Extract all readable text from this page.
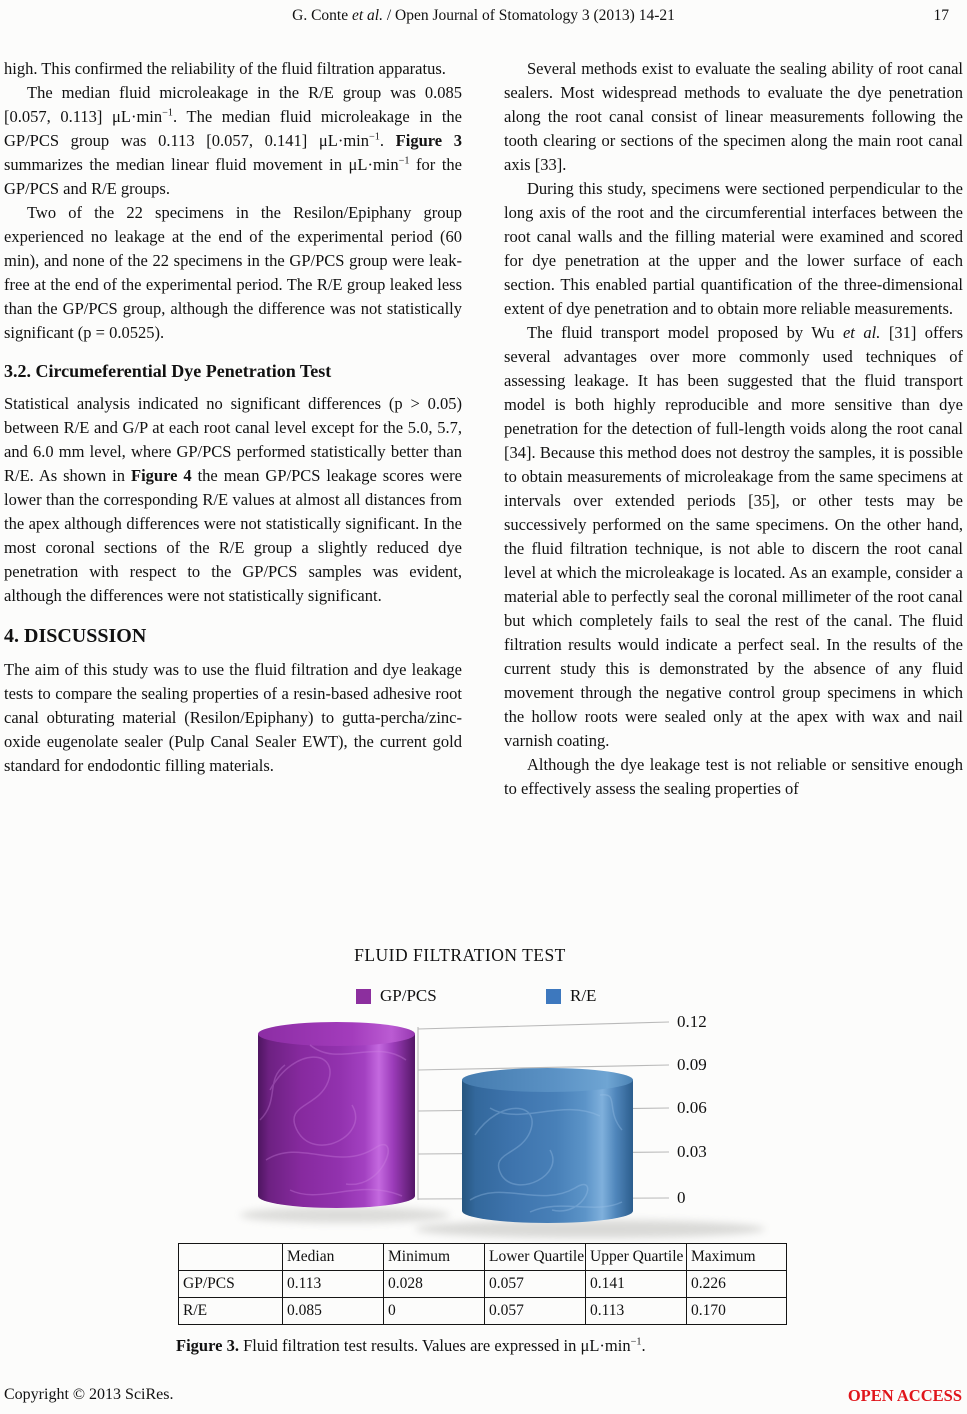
G. Conte et al. / Open Journal of Stomatology 3 (2013) 14-21	17

high. This confirmed the reliability of the fluid filtration apparatus.

The median fluid microleakage in the R/E group was 0.085 [0.057, 0.113] $\mu L\cdot\min^{-1}$. The median fluid microleakage in the GP/PCS group was 0.113 [0.057, 0.141] $\mu L\cdot\min^{-1}$. Figure 3 summarizes the median linear fluid movement in $\mu L\cdot\min^{-1}$ for the GP/PCS and R/E groups.

Two of the 22 specimens in the Resilon/Epiphany group experienced no leakage at the end of the experimental period (60 min), and none of the 22 specimens in the GP/PCS group were leak-free at the end of the experimental period. The R/E group leaked less than the GP/PCS group, although the difference was not statistically significant (p = 0.0525).

3.2. Circumeferential Dye Penetration Test

Statistical analysis indicated no significant differences (p > 0.05) between R/E and G/P at each root canal level except for the 5.0, 5.7, and 6.0 mm level, where GP/PCS performed statistically better than R/E. As shown in Figure 4 the mean GP/PCS leakage scores were lower than the corresponding R/E values at almost all distances from the apex although differences were not statistically significant. In the most coronal sections of the R/E group a slightly reduced dye penetration with respect to the GP/PCS samples was evident, although the differences were not statistically significant.

4. DISCUSSION

The aim of this study was to use the fluid filtration and dye leakage tests to compare the sealing properties of a resin-based adhesive root canal obturating material (Resilon/Epiphany) to gutta-percha/zinc-oxide eugenolate sealer (Pulp Canal Sealer EWT), the current gold standard for endodontic filling materials.

Several methods exist to evaluate the sealing ability of root canal sealers. Most widespread methods to evaluate the dye penetration along the root canal consist of linear measurements following the tooth clearing or sections of the specimen along the main root canal axis [33].

During this study, specimens were sectioned perpendicular to the long axis of the root and the circumferential interfaces between the root canal walls and the filling material were examined and scored for dye penetration at the upper and the lower surface of each section. This enabled partial quantification of the three-dimensional extent of dye penetration and to obtain more reliable measurements.

The fluid transport model proposed by Wu et al. [31] offers several advantages over more commonly used techniques of assessing leakage. It has been suggested that the fluid transport model is both highly reproducible and more sensitive than dye penetration for the detection of full-length voids along the root canal [34]. Because this method does not destroy the samples, it is possible to obtain measurements of microleakage from the same specimens at intervals over extended periods [35], or other tests may be successively performed on the same specimens. On the other hand, the fluid filtration technique, is not able to discern the root canal level at which the microleakage is located. As an example, consider a material able to perfectly seal the coronal millimeter of the root canal but which completely fails to seal the rest of the canal. The fluid filtration results would indicate a perfect seal. In the results of the current study this is demonstrated by the absence of any fluid movement through the negative control group specimens in which the hollow roots were sealed only at the apex with wax and nail varnish coating.

Although the dye leakage test is not reliable or sensitive enough to effectively assess the sealing properties of

FLUID FILTRATION TEST
GP/PCS	R/E
0.12
0.09
0.06
0.03
0
	Median	Minimum	Lower Quartile	Upper Quartile	Maximum
GP/PCS	0.113	0.028	0.057	0.141	0.226
R/E	0.085	0	0.057	0.113	0.170
Figure 3. Fluid filtration test results. Values are expressed in $\mu L\cdot\min^{-1}$.
Copyright © 2013 SciRes.	OPEN ACCESS
